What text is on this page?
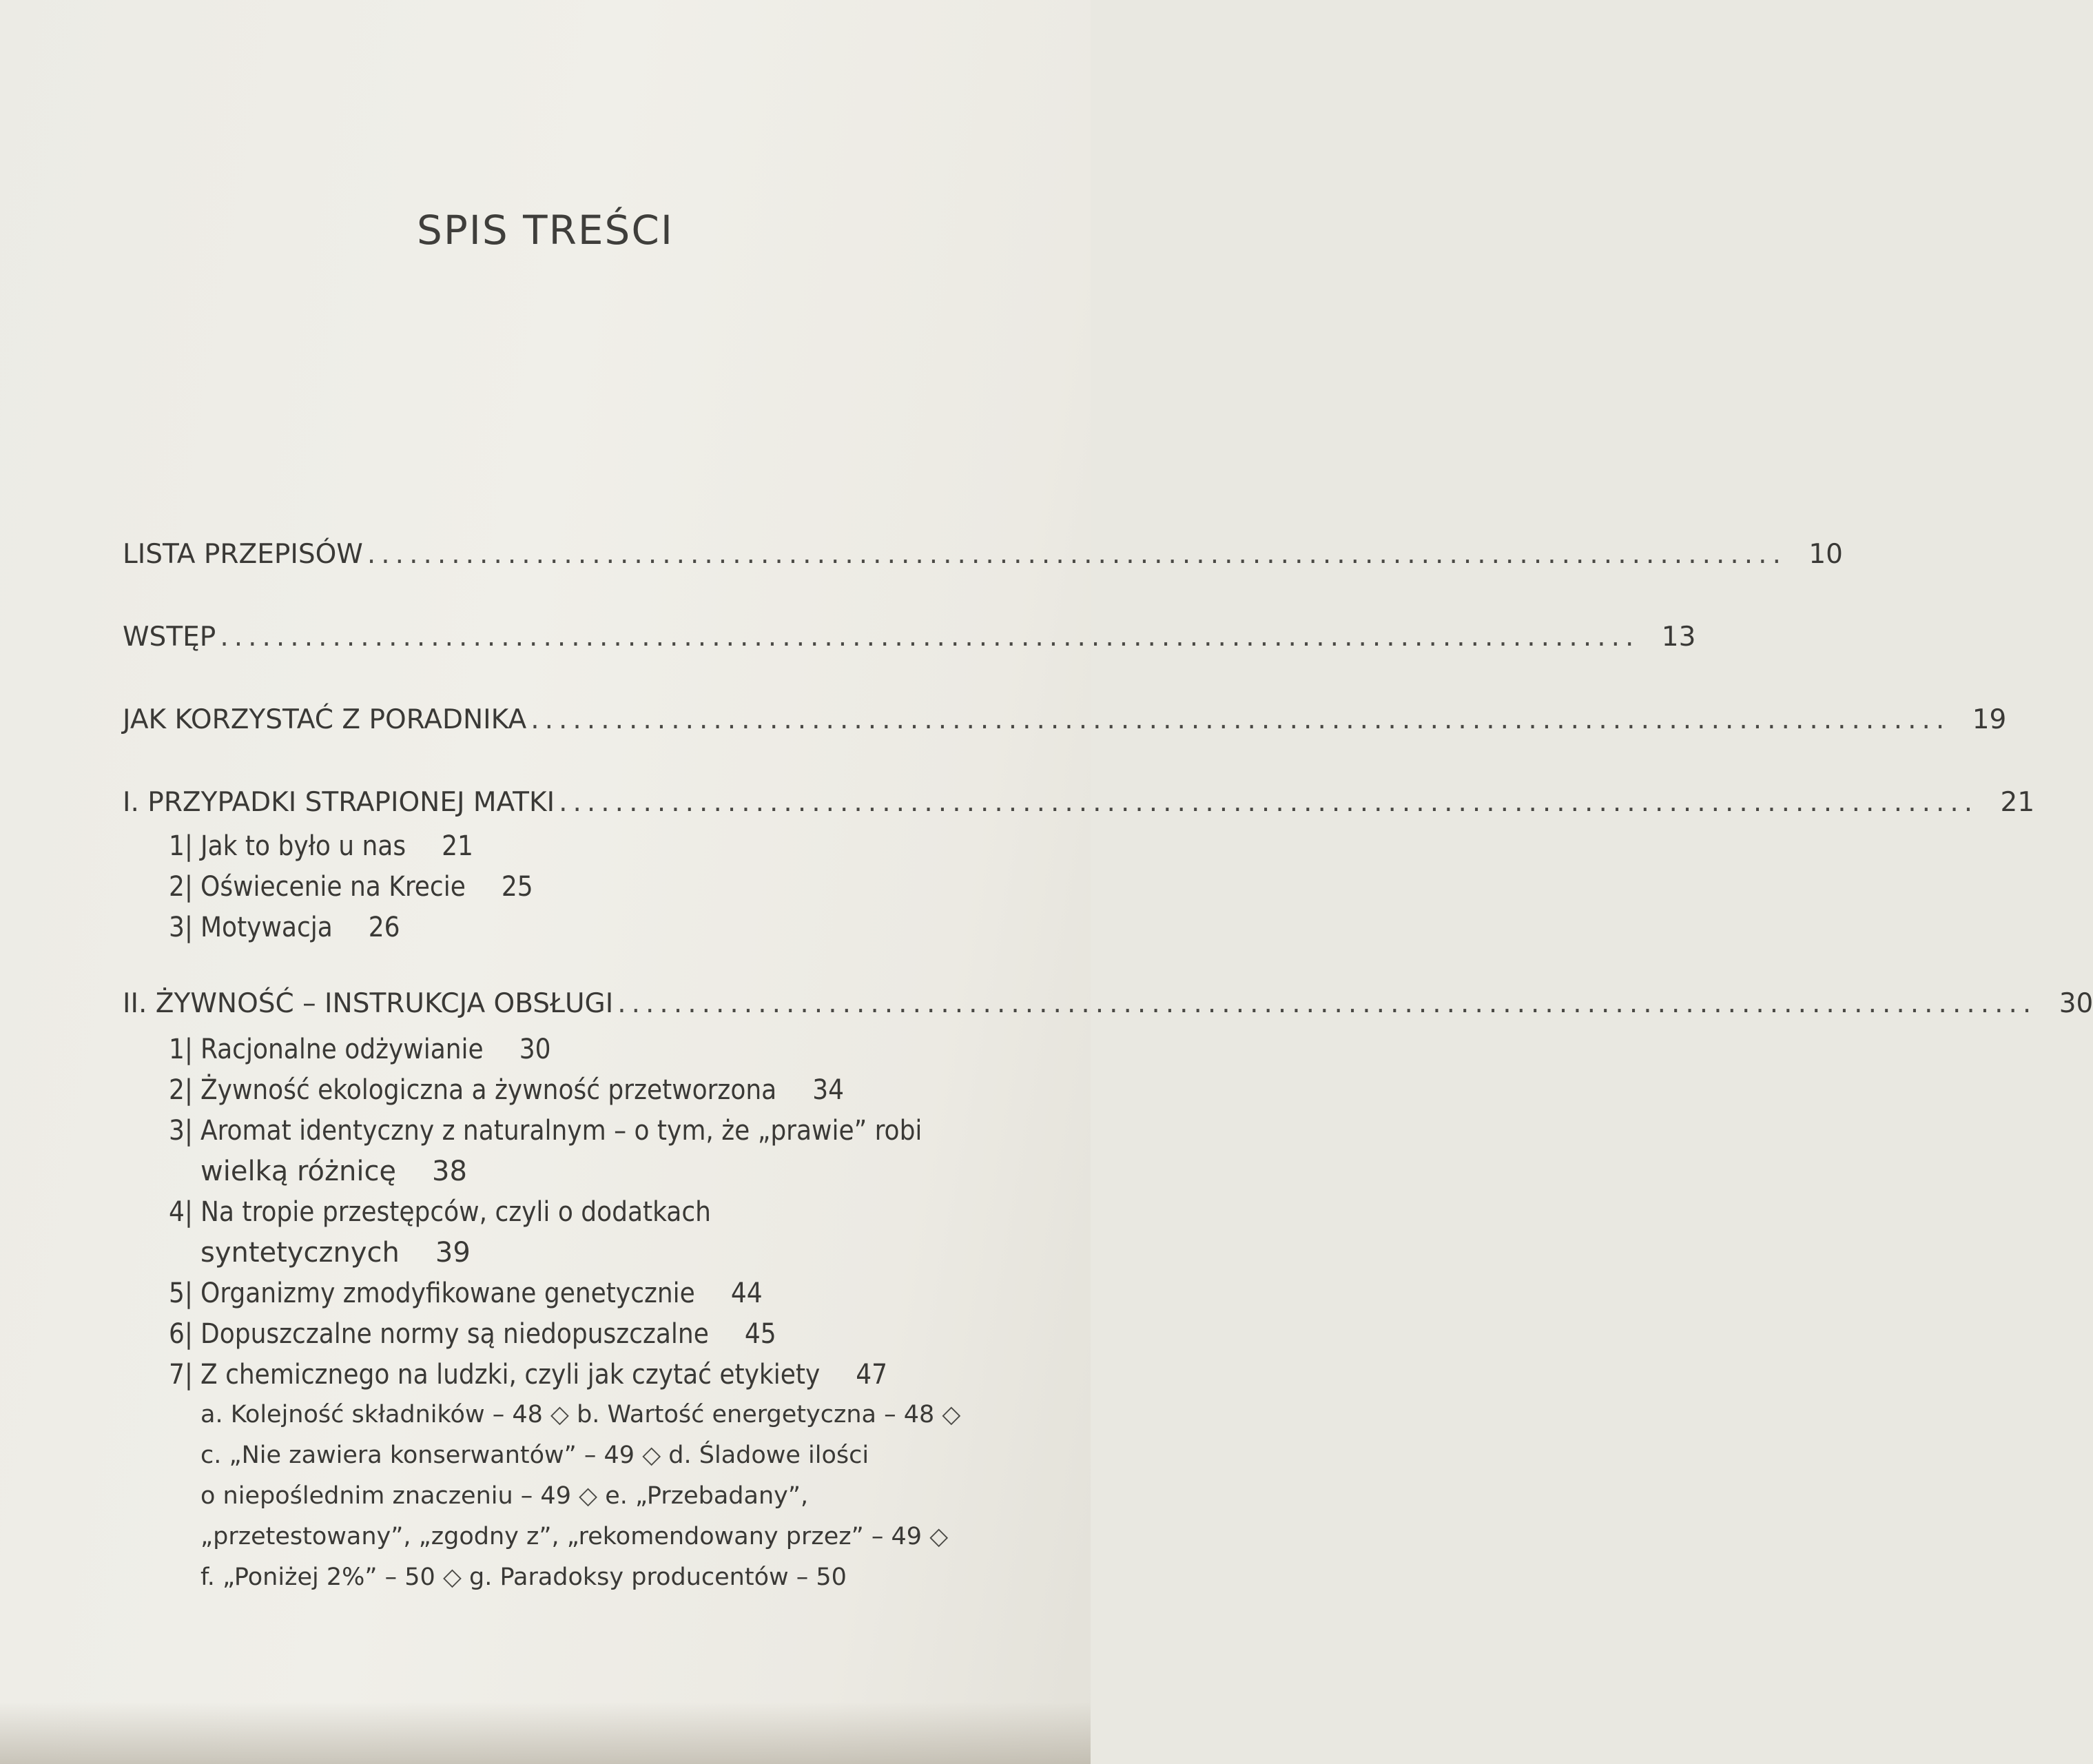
SPIS TREŚCI
LISTA PRZEPISÓW ..................................................................................................... 10
WSTĘP ..................................................................................................... 13
JAK KORZYSTAĆ Z PORADNIKA ..................................................................................................... 19
I. PRZYPADKI STRAPIONEJ MATKI ..................................................................................................... 21
1| Jak to było u nas 21
2| Oświecenie na Krecie 25
3| Motywacja 26
II. ŻYWNOŚĆ – INSTRUKCJA OBSŁUGI ..................................................................................................... 30
1| Racjonalne odżywianie 30
2| Żywność ekologiczna a żywność przetworzona 34
3| Aromat identyczny z naturalnym – o tym, że „prawie” robi
wielką różnicę 38
4| Na tropie przestępców, czyli o dodatkach
syntetycznych 39
5| Organizmy zmodyfikowane genetycznie 44
6| Dopuszczalne normy są niedopuszczalne 45
7| Z chemicznego na ludzki, czyli jak czytać etykiety 47
a. Kolejność składników – 48 ◇ b. Wartość energetyczna – 48 ◇
c. „Nie zawiera konserwantów” – 49 ◇ d. Śladowe ilości
o niepoślednim znaczeniu – 49 ◇ e. „Przebadany”,
„przetestowany”, „zgodny z”, „rekomendowany przez” – 49 ◇
f. „Poniżej 2%” – 50 ◇ g. Paradoksy producentów – 50
